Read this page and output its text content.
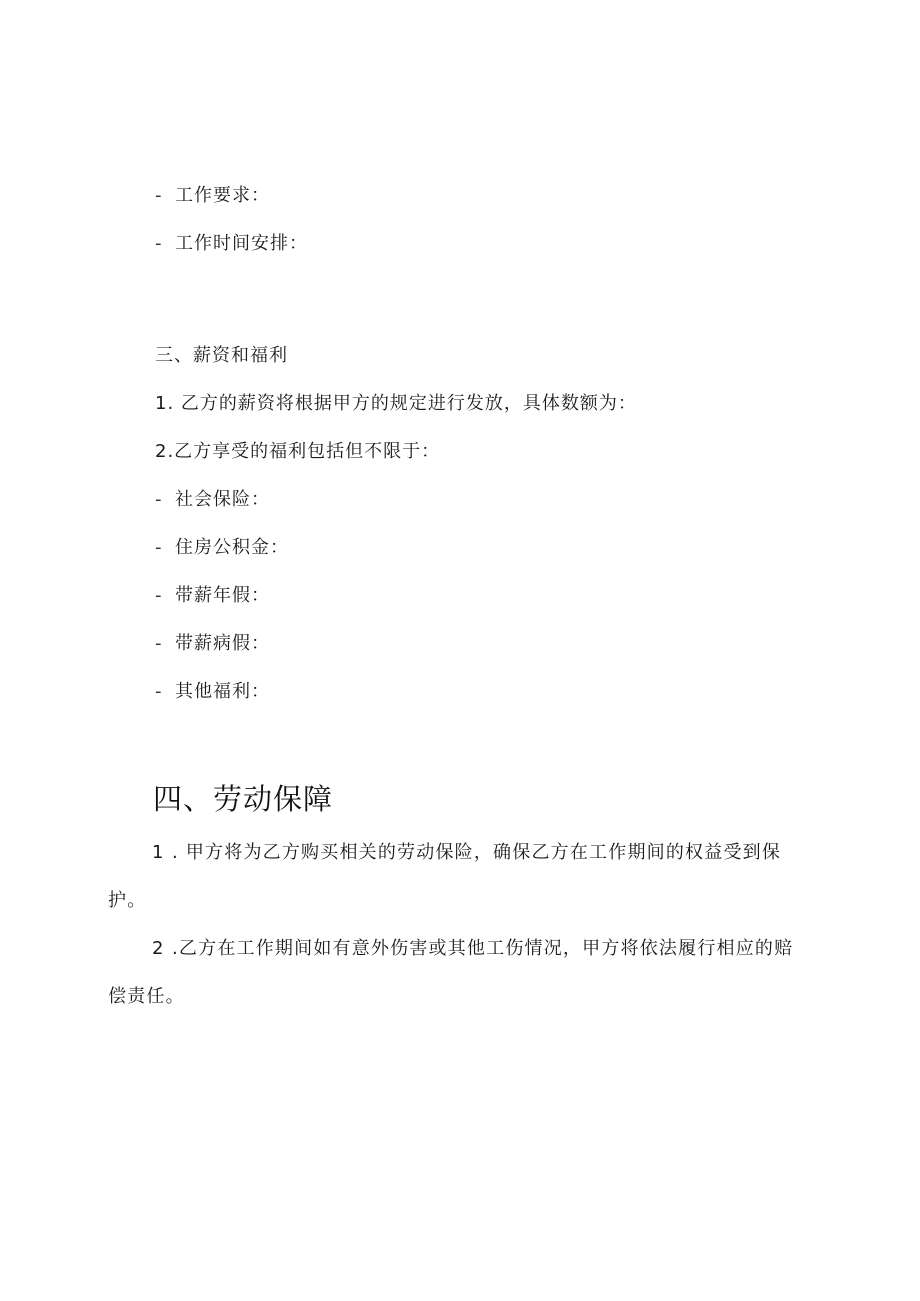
- 工作要求：
- 工作时间安排：
三、薪资和福利
1. 乙方的薪资将根据甲方的规定进行发放，具体数额为：
2.乙方享受的福利包括但不限于：
- 社会保险：
- 住房公积金：
- 带薪年假：
- 带薪病假：
- 其他福利：
四、劳动保障
1 . 甲方将为乙方购买相关的劳动保险，确保乙方在工作期间的权益受到保护。
2 .乙方在工作期间如有意外伤害或其他工伤情况，甲方将依法履行相应的赔偿责任。
